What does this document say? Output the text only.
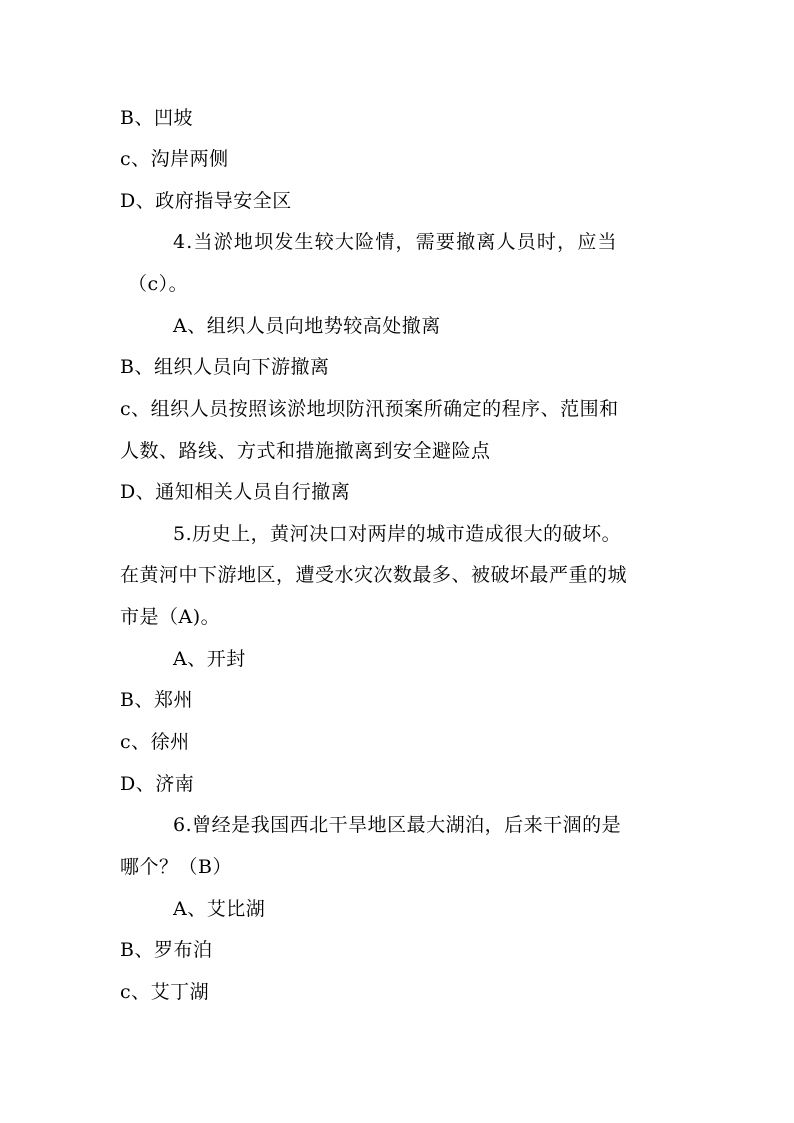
B、凹坡
c、沟岸两侧
D、政府指导安全区
4.当淤地坝发生较大险情，需要撤离人员时，应当
（c）。
A、组织人员向地势较高处撤离
B、组织人员向下游撤离
c、组织人员按照该淤地坝防汛预案所确定的程序、范围和
人数、路线、方式和措施撤离到安全避险点
D、通知相关人员自行撤离
5.历史上，黄河决口对两岸的城市造成很大的破坏。
在黄河中下游地区，遭受水灾次数最多、被破坏最严重的城
市是（A)。
A、开封
B、郑州
c、徐州
D、济南
6.曾经是我国西北干旱地区最大湖泊，后来干涸的是
哪个？（B）
A、艾比湖
B、罗布泊
c、艾丁湖
